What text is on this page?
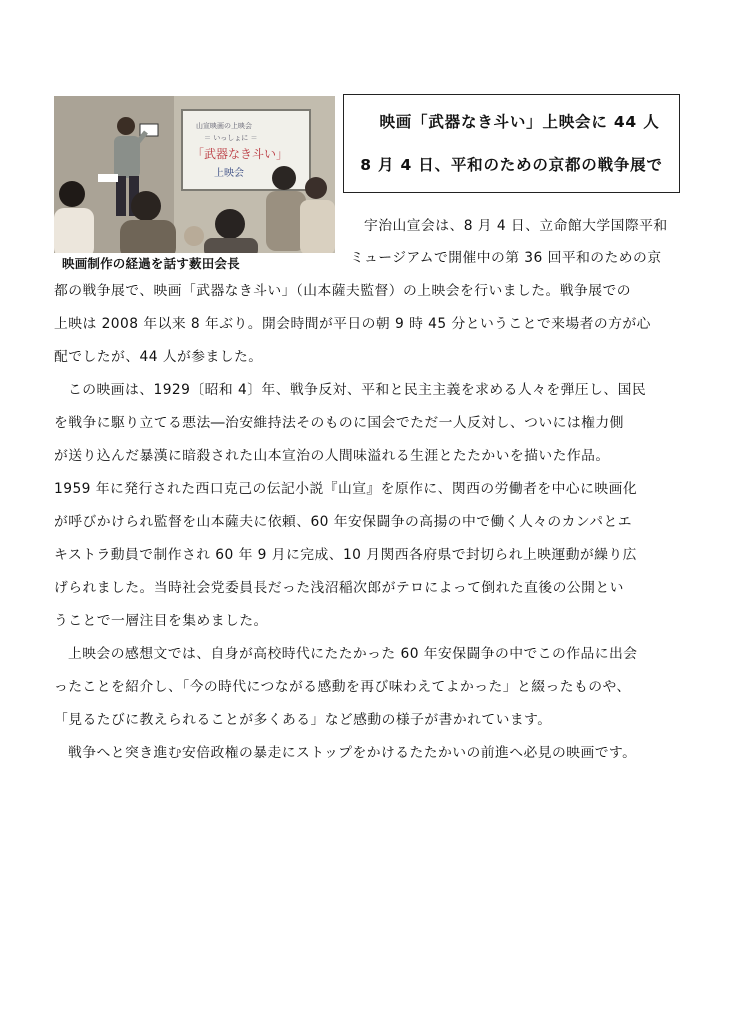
山宣映画の上映会
＝ いっしょに ＝
「武器なき斗い」
上映会
映画制作の経過を話す薮田会長
映画「武器なき斗い」上映会に 44 人
8 月 4 日、平和のための京都の戦争展で
宇治山宣会は、8 月 4 日、立命館大学国際平和
ミュージアムで開催中の第 36 回平和のための京
都の戦争展で、映画「武器なき斗い」（山本薩夫監督）の上映会を行いました。戦争展での
上映は 2008 年以来 8 年ぶり。開会時間が平日の朝 9 時 45 分ということで来場者の方が心
配でしたが、44 人が参ました。
この映画は、1929〔昭和 4〕年、戦争反対、平和と民主主義を求める人々を弾圧し、国民
を戦争に駆り立てる悪法―治安維持法そのものに国会でただ一人反対し、ついには権力側
が送り込んだ暴漢に暗殺された山本宣治の人間味溢れる生涯とたたかいを描いた作品。
1959 年に発行された西口克己の伝記小説『山宣』を原作に、関西の労働者を中心に映画化
が呼びかけられ監督を山本薩夫に依頼、60 年安保闘争の高揚の中で働く人々のカンパとエ
キストラ動員で制作され 60 年 9 月に完成、10 月関西各府県で封切られ上映運動が繰り広
げられました。当時社会党委員長だった浅沼稲次郎がテロによって倒れた直後の公開とい
うことで一層注目を集めました。
上映会の感想文では、自身が高校時代にたたかった 60 年安保闘争の中でこの作品に出会
ったことを紹介し、「今の時代につながる感動を再び味わえてよかった」と綴ったものや、
「見るたびに教えられることが多くある」など感動の様子が書かれています。
戦争へと突き進む安倍政権の暴走にストップをかけるたたかいの前進へ必見の映画です。
